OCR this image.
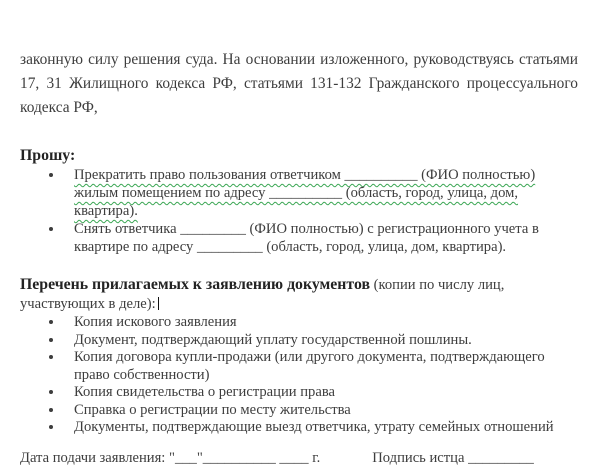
законную силу решения суда. На основании изложенного, руководствуясь статьями
17, 31 Жилищного кодекса РФ, статьями 131-132 Гражданского процессуального
кодекса РФ,
Прошу:
• Прекратить право пользования ответчиком __________ (ФИО полностью) жилым помещением по адресу __________ (область, город, улица, дом, квартира).
• Снять ответчика _________ (ФИО полностью) с регистрационного учета в квартире по адресу _________ (область, город, улица, дом, квартира).
Перечень прилагаемых к заявлению документов (копии по числу лиц, участвующих в деле):
• Копия искового заявления
• Документ, подтверждающий уплату государственной пошлины.
• Копия договора купли-продажи (или другого документа, подтверждающего право собственности)
• Копия свидетельства о регистрации права
• Справка о регистрации по месту жительства
• Документы, подтверждающие выезд ответчика, утрату семейных отношений
Дата подачи заявления: "___"__________ ____ г.	Подпись истца _________
